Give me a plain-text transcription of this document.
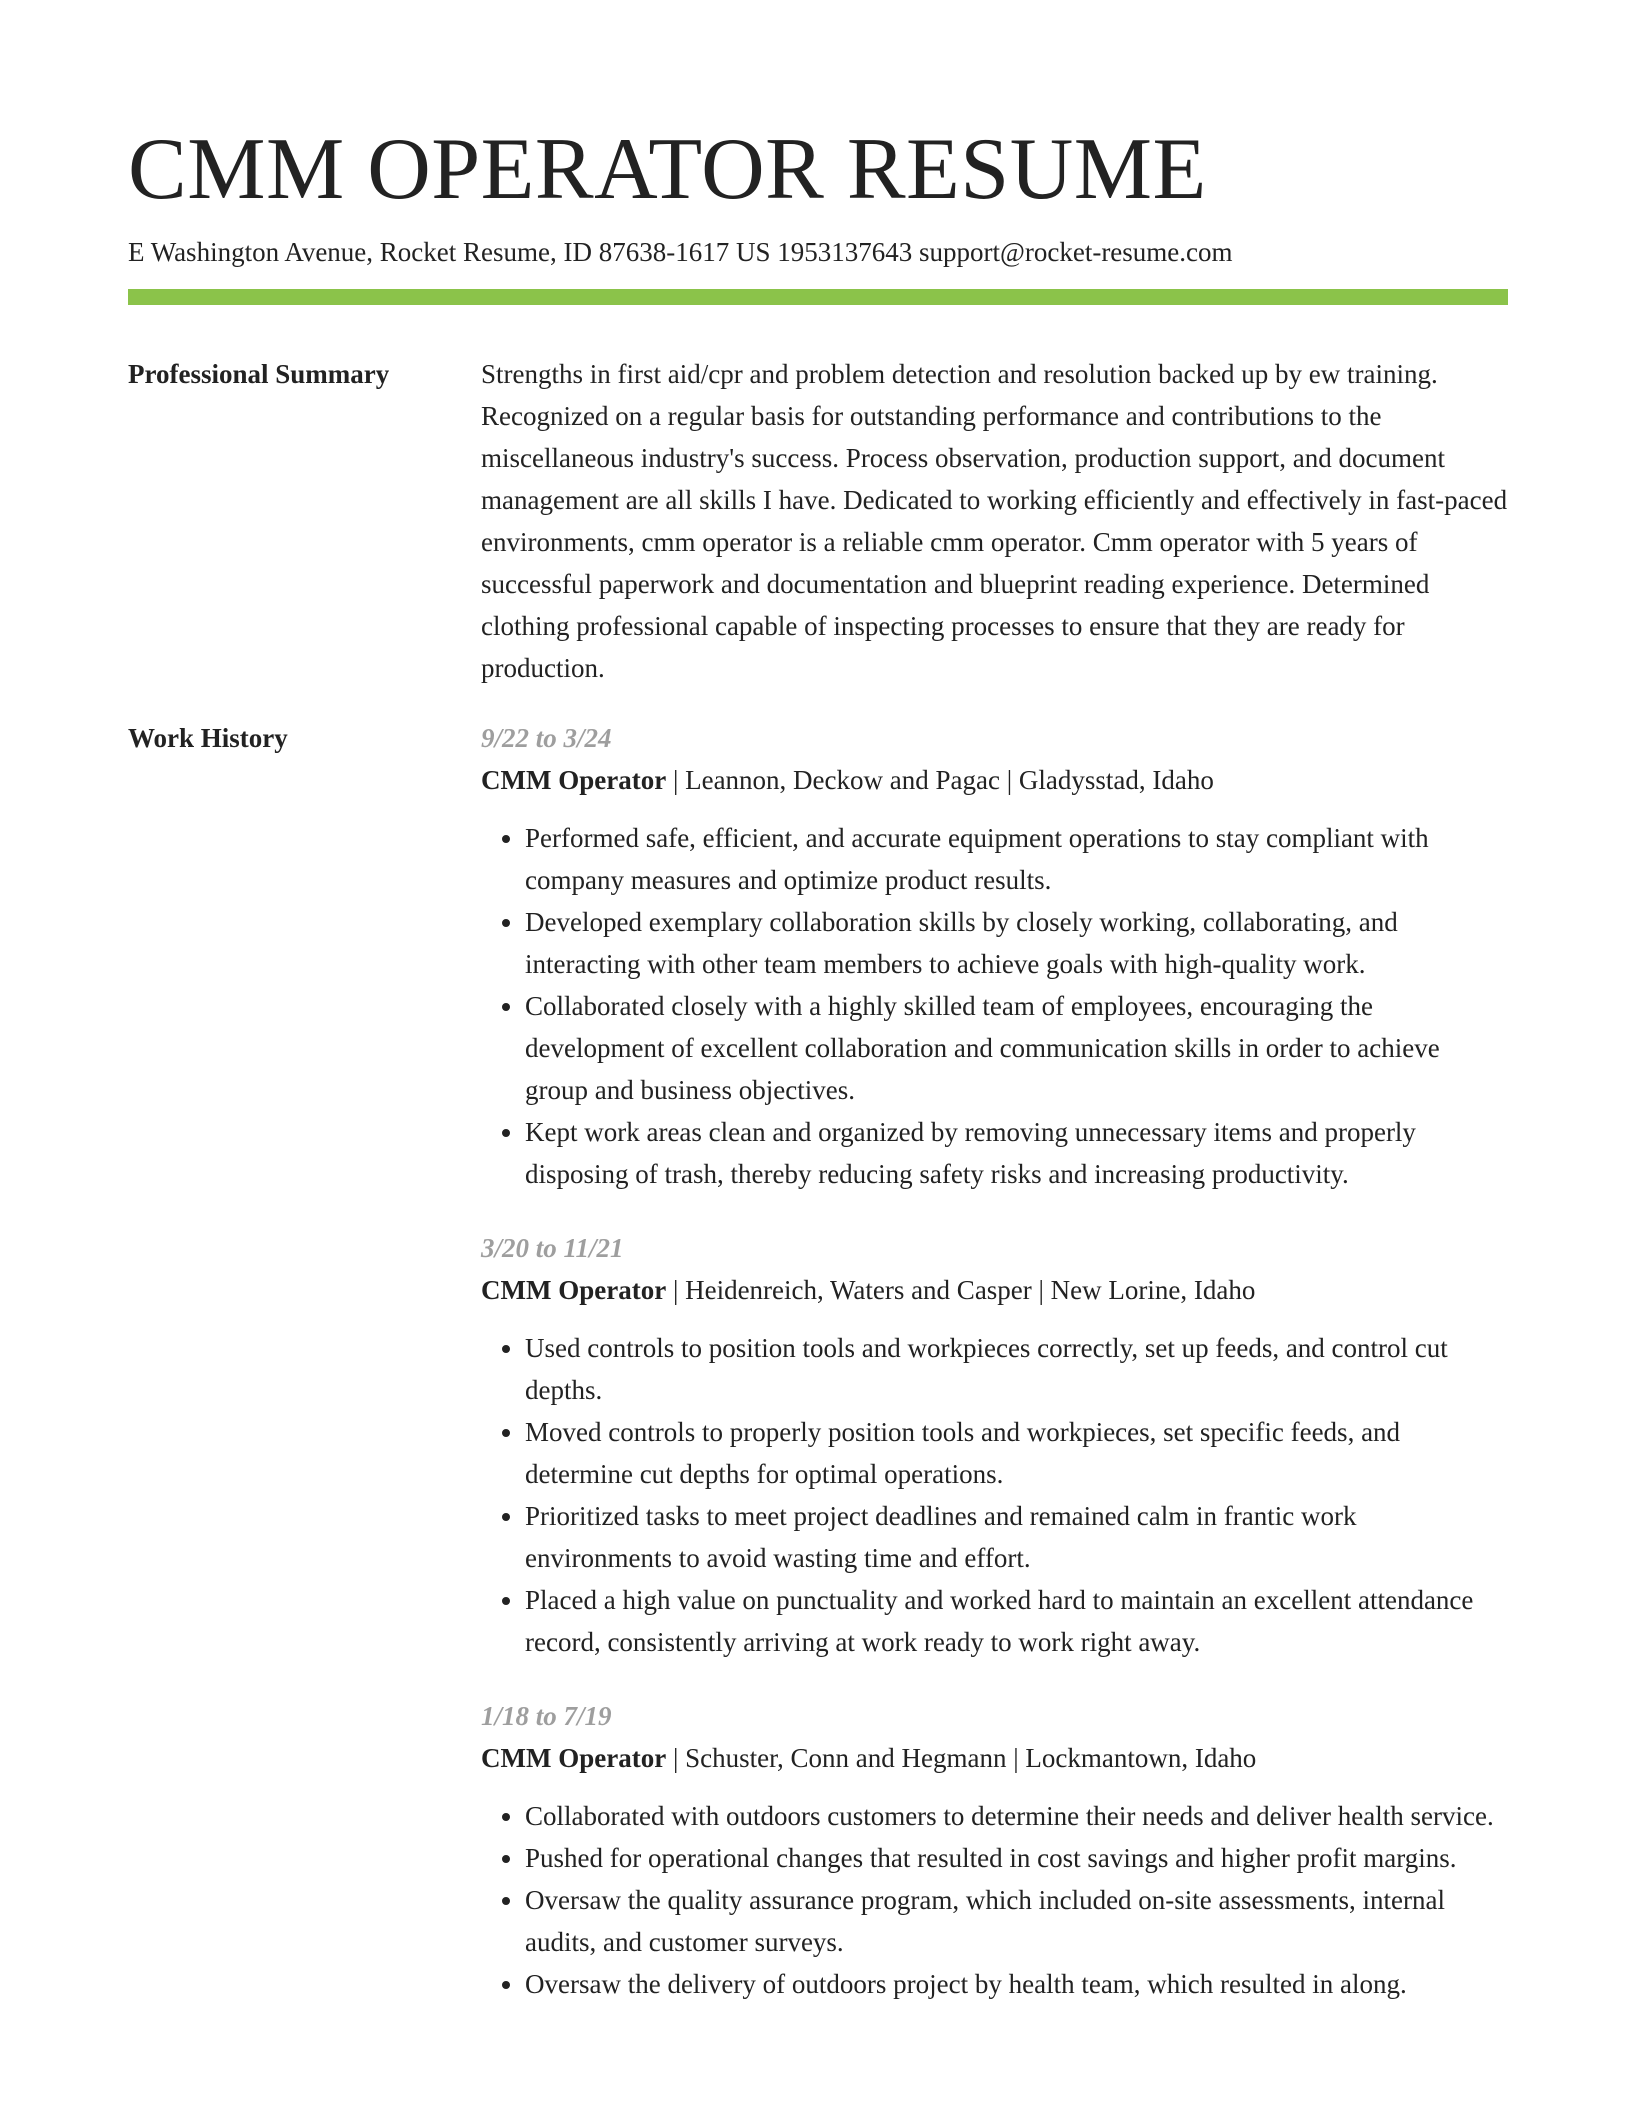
CMM OPERATOR RESUME
E Washington Avenue, Rocket Resume, ID 87638-1617 US 1953137643 support@rocket-resume.com
Professional Summary	Strengths in first aid/cpr and problem detection and resolution backed up by ew training. Recognized on a regular basis for outstanding performance and contributions to the miscellaneous industry's success. Process observation, production support, and document management are all skills I have. Dedicated to working efficiently and effectively in fast-paced environments, cmm operator is a reliable cmm operator. Cmm operator with 5 years of successful paperwork and documentation and blueprint reading experience. Determined clothing professional capable of inspecting processes to ensure that they are ready for production.
Work History	9/22 to 3/24
CMM Operator | Leannon, Deckow and Pagac | Gladysstad, Idaho
• Performed safe, efficient, and accurate equipment operations to stay compliant with company measures and optimize product results.
• Developed exemplary collaboration skills by closely working, collaborating, and interacting with other team members to achieve goals with high-quality work.
• Collaborated closely with a highly skilled team of employees, encouraging the development of excellent collaboration and communication skills in order to achieve group and business objectives.
• Kept work areas clean and organized by removing unnecessary items and properly disposing of trash, thereby reducing safety risks and increasing productivity.
3/20 to 11/21
CMM Operator | Heidenreich, Waters and Casper | New Lorine, Idaho
• Used controls to position tools and workpieces correctly, set up feeds, and control cut depths.
• Moved controls to properly position tools and workpieces, set specific feeds, and determine cut depths for optimal operations.
• Prioritized tasks to meet project deadlines and remained calm in frantic work environments to avoid wasting time and effort.
• Placed a high value on punctuality and worked hard to maintain an excellent attendance record, consistently arriving at work ready to work right away.
1/18 to 7/19
CMM Operator | Schuster, Conn and Hegmann | Lockmantown, Idaho
• Collaborated with outdoors customers to determine their needs and deliver health service.
• Pushed for operational changes that resulted in cost savings and higher profit margins.
• Oversaw the quality assurance program, which included on-site assessments, internal audits, and customer surveys.
• Oversaw the delivery of outdoors project by health team, which resulted in along.
